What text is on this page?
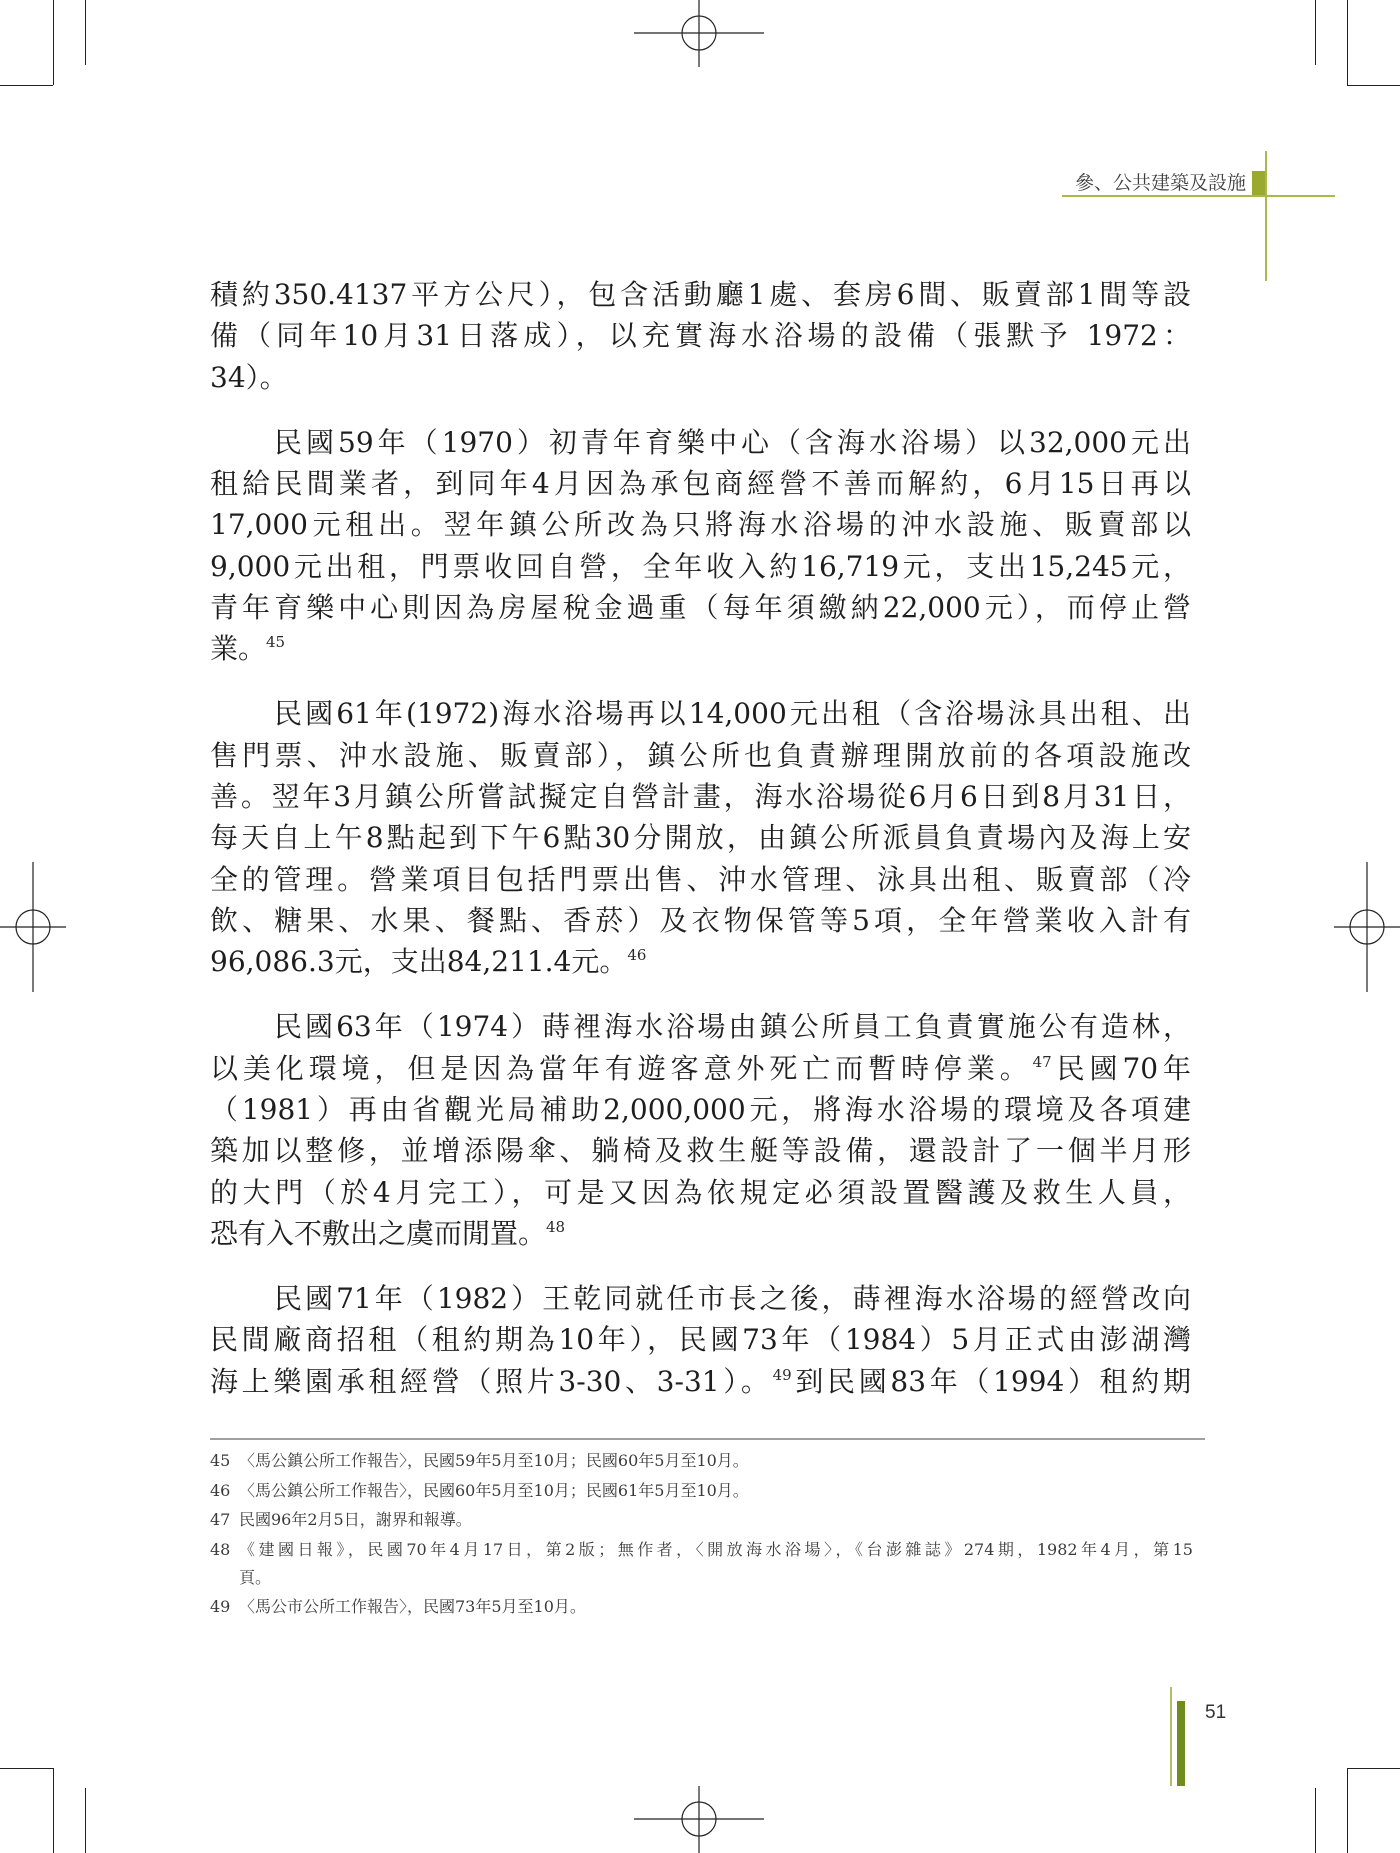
參、公共建築及設施
積約350.4137平方公尺），包含活動廳1處、套房6間、販賣部1間等設
備（同年10月31日落成），以充實海水浴場的設備（張默予 1972：
34）。
民國59年（1970）初青年育樂中心（含海水浴場）以32,000元出
租給民間業者，到同年4月因為承包商經營不善而解約，6月15日再以
17,000元租出。翌年鎮公所改為只將海水浴場的沖水設施、販賣部以
9,000元出租，門票收回自營，全年收入約16,719元，支出15,245元，
青年育樂中心則因為房屋稅金過重（每年須繳納22,000元），而停止營
業。$^{45}$
民國61年(1972)海水浴場再以14,000元出租（含浴場泳具出租、出
售門票、沖水設施、販賣部），鎮公所也負責辦理開放前的各項設施改
善。翌年3月鎮公所嘗試擬定自營計畫，海水浴場從6月6日到8月31日，
每天自上午8點起到下午6點30分開放，由鎮公所派員負責場內及海上安
全的管理。營業項目包括門票出售、沖水管理、泳具出租、販賣部（冷
飲、糖果、水果、餐點、香菸）及衣物保管等5項，全年營業收入計有
96,086.3元，支出84,211.4元。$^{46}$
民國63年（1974）蒔裡海水浴場由鎮公所員工負責實施公有造林，
以美化環境，但是因為當年有遊客意外死亡而暫時停業。$^{47}$民國70年
（1981）再由省觀光局補助2,000,000元，將海水浴場的環境及各項建
築加以整修，並增添陽傘、躺椅及救生艇等設備，還設計了一個半月形
的大門（於4月完工），可是又因為依規定必須設置醫護及救生人員，
恐有入不敷出之虞而閒置。$^{48}$
民國71年（1982）王乾同就任市長之後，蒔裡海水浴場的經營改向
民間廠商招租（租約期為10年），民國73年（1984）5月正式由澎湖灣
海上樂園承租經營（照片3-30、3-31）。$^{49}$到民國83年（1994）租約期
45 〈馬公鎮公所工作報告〉，民國59年5月至10月；民國60年5月至10月。
46 〈馬公鎮公所工作報告〉，民國60年5月至10月；民國61年5月至10月。
47 民國96年2月5日，謝界和報導。
48 《建國日報》，民國70年4月17日，第2版；無作者，〈開放海水浴場〉，《台澎雜誌》274期，1982年4月，第15
頁。
49 〈馬公市公所工作報告〉，民國73年5月至10月。
51
